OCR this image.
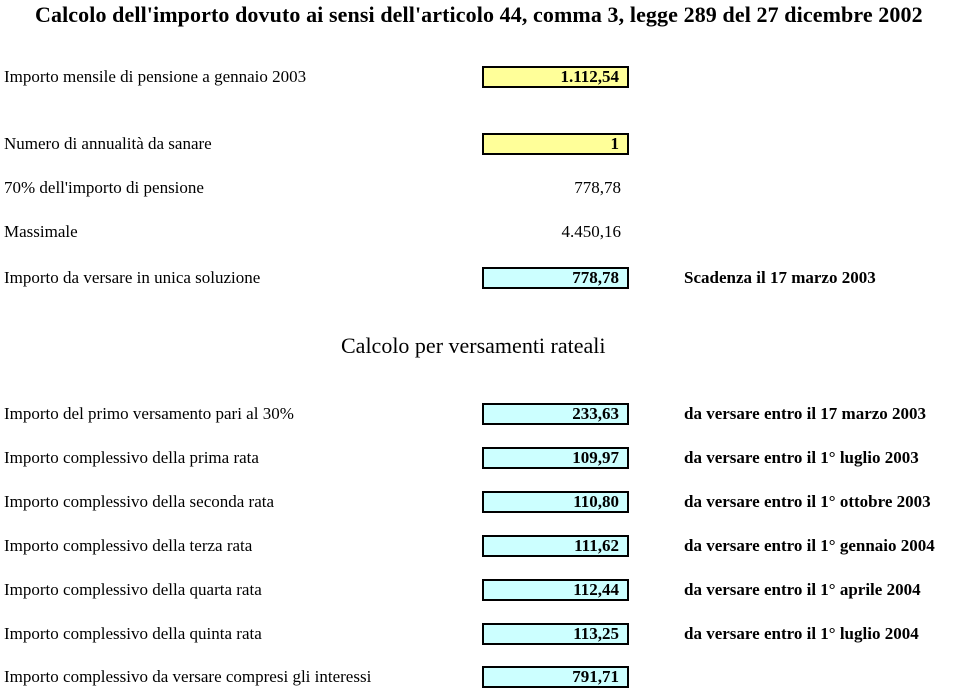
Calcolo dell'importo dovuto ai sensi dell'articolo 44, comma 3, legge 289 del 27 dicembre 2002
Importo mensile di pensione a gennaio 2003	1.112,54
Numero di annualità da sanare	1
70% dell'importo di pensione	778,78
Massimale	4.450,16
Importo da versare in unica soluzione	778,78	Scadenza il 17 marzo 2003
Calcolo per versamenti rateali
Importo del primo versamento pari al 30%	233,63	da versare entro il 17 marzo 2003
Importo complessivo della prima rata	109,97	da versare entro il 1° luglio 2003
Importo complessivo della seconda rata	110,80	da versare entro il 1° ottobre 2003
Importo complessivo della terza rata	111,62	da versare entro il 1° gennaio 2004
Importo complessivo della quarta rata	112,44	da versare entro il 1° aprile 2004
Importo complessivo della quinta rata	113,25	da versare entro il 1° luglio 2004
Importo complessivo da versare compresi gli interessi	791,71
